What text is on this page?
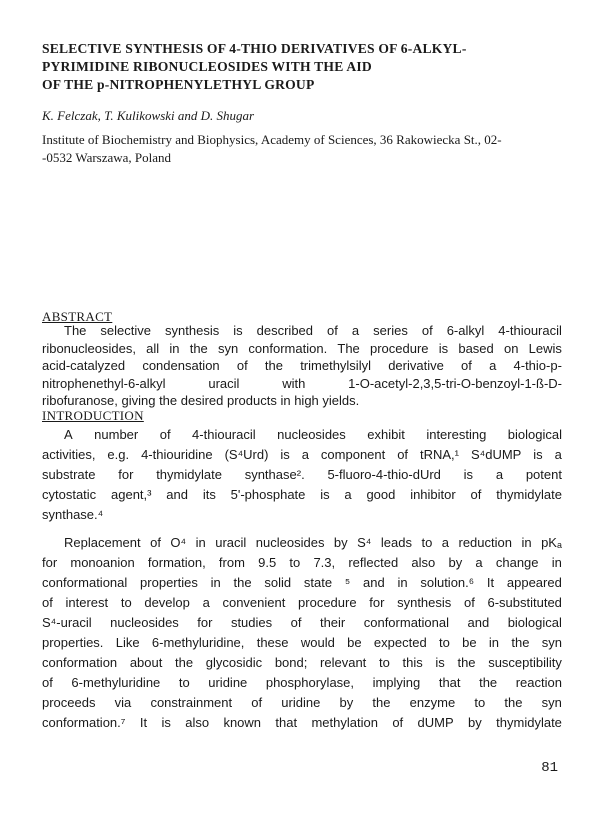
SELECTIVE SYNTHESIS OF 4-THIO DERIVATIVES OF 6-ALKYL-
PYRIMIDINE RIBONUCLEOSIDES WITH THE AID
OF THE p-NITROPHENYLETHYL GROUP
K. Felczak, T. Kulikowski and D. Shugar
Institute of Biochemistry and Biophysics, Academy of Sciences, 36 Rakowiecka St., 02-
-0532 Warszawa, Poland
ABSTRACT
The selective synthesis is described of a series of 6-alkyl 4-thiouracil
ribonucleosides, all in the syn conformation. The procedure is based on Lewis
acid-catalyzed condensation of the trimethylsilyl derivative of a 4-thio-p-
nitrophenethyl-6-alkyl	uracil	with	1-O-acetyl-2,3,5-tri-O-benzoyl-1-ß-D-
ribofuranose, giving the desired products in high yields.
INTRODUCTION
A number of 4-thiouracil nucleosides exhibit interesting biological
activities, e.g. 4-thiouridine (S⁴Urd) is a component of tRNA,¹ S⁴dUMP is a
substrate for thymidylate synthase². 5-fluoro-4-thio-dUrd is a potent
cytostatic agent,³ and its 5'-phosphate is a good inhibitor of thymidylate
synthase.⁴
Replacement of O⁴ in uracil nucleosides by S⁴ leads to a reduction in pKₐ
for monoanion formation, from 9.5 to 7.3, reflected also by a change in
conformational properties in the solid state ⁵ and in solution.⁶ It appeared
of interest to develop a convenient procedure for synthesis of 6-substituted
S⁴-uracil nucleosides for studies of their conformational and biological
properties. Like 6-methyluridine, these would be expected to be in the syn
conformation about the glycosidic bond; relevant to this is the susceptibility
of 6-methyluridine to uridine phosphorylase, implying that the reaction
proceeds via constrainment of uridine by the enzyme to the syn
conformation.⁷ It is also known that methylation of dUMP by thymidylate
81
